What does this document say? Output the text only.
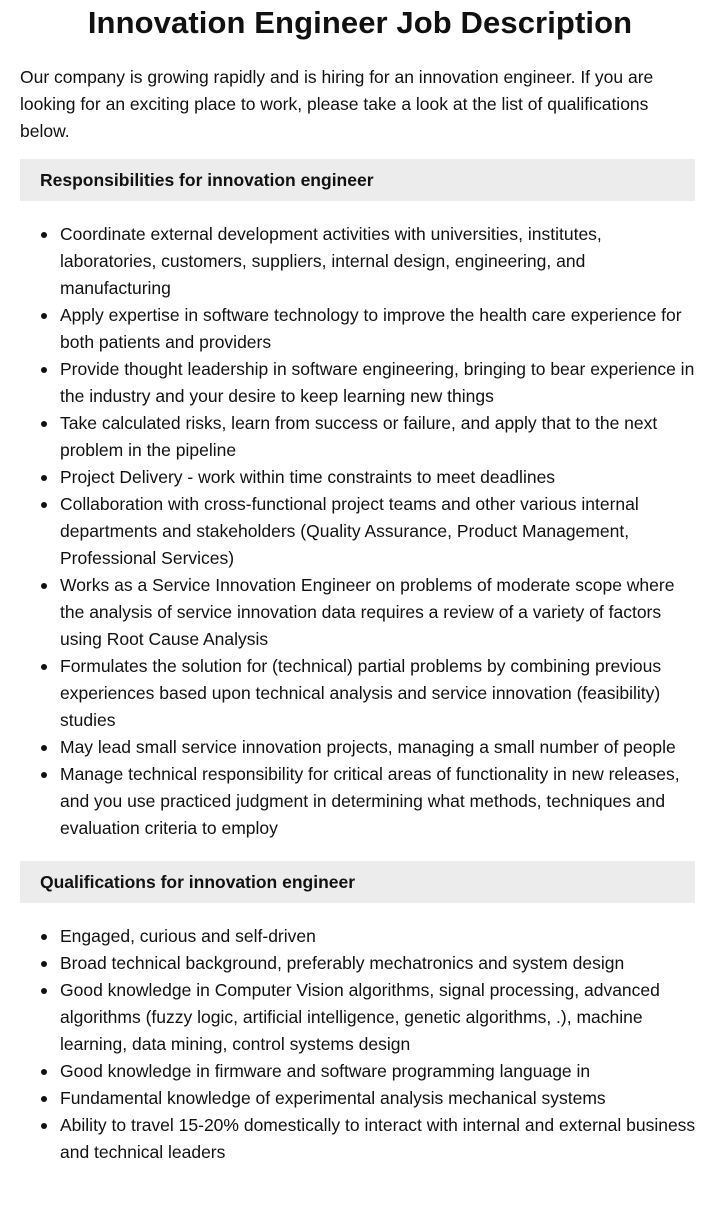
Innovation Engineer Job Description

Our company is growing rapidly and is hiring for an innovation engineer. If you are looking for an exciting place to work, please take a look at the list of qualifications below.

Responsibilities for innovation engineer
Coordinate external development activities with universities, institutes, laboratories, customers, suppliers, internal design, engineering, and manufacturing
Apply expertise in software technology to improve the health care experience for both patients and providers
Provide thought leadership in software engineering, bringing to bear experience in the industry and your desire to keep learning new things
Take calculated risks, learn from success or failure, and apply that to the next problem in the pipeline
Project Delivery - work within time constraints to meet deadlines
Collaboration with cross-functional project teams and other various internal departments and stakeholders (Quality Assurance, Product Management, Professional Services)
Works as a Service Innovation Engineer on problems of moderate scope where the analysis of service innovation data requires a review of a variety of factors using Root Cause Analysis
Formulates the solution for (technical) partial problems by combining previous experiences based upon technical analysis and service innovation (feasibility) studies
May lead small service innovation projects, managing a small number of people
Manage technical responsibility for critical areas of functionality in new releases, and you use practiced judgment in determining what methods, techniques and evaluation criteria to employ
Qualifications for innovation engineer
Engaged, curious and self-driven
Broad technical background, preferably mechatronics and system design
Good knowledge in Computer Vision algorithms, signal processing, advanced algorithms (fuzzy logic, artificial intelligence, genetic algorithms, .), machine learning, data mining, control systems design
Good knowledge in firmware and software programming language in
Fundamental knowledge of experimental analysis mechanical systems
Ability to travel 15-20% domestically to interact with internal and external business and technical leaders
